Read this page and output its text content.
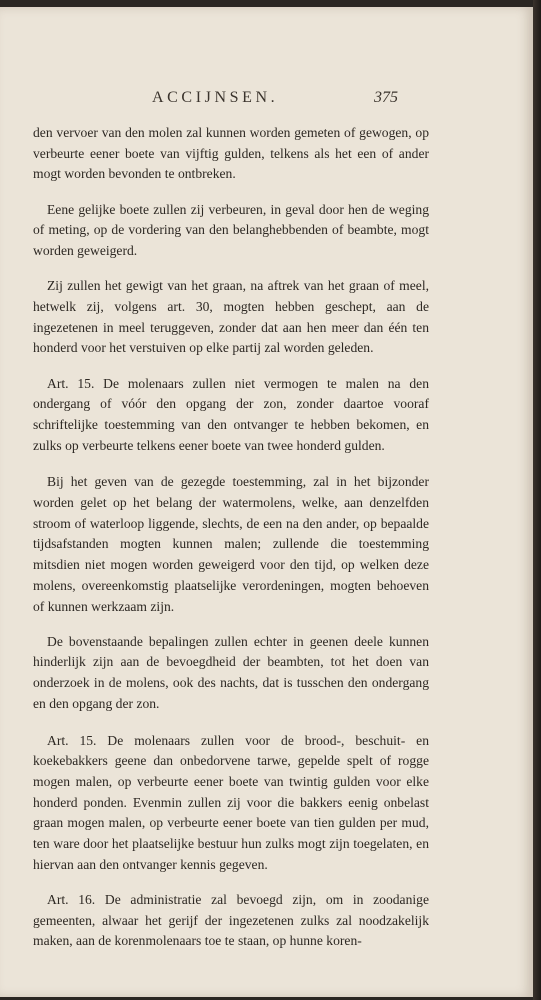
ACCIJNSEN.	375

den vervoer van den molen zal kunnen worden gemeten of gewogen, op verbeurte eener boete van vijftig gulden, telkens als het een of ander mogt worden bevonden te ontbreken.

Eene gelijke boete zullen zij verbeuren, in geval door hen de weging of meting, op de vordering van den belanghebbenden of beambte, mogt worden geweigerd.

Zij zullen het gewigt van het graan, na aftrek van het graan of meel, hetwelk zij, volgens art. 30, mogten hebben geschept, aan de ingezetenen in meel teruggeven, zonder dat aan hen meer dan één ten honderd voor het verstuiven op elke partij zal worden geleden.

Art. 15. De molenaars zullen niet vermogen te malen na den ondergang of vóór den opgang der zon, zonder daartoe vooraf schriftelijke toestemming van den ontvanger te hebben bekomen, en zulks op verbeurte telkens eener boete van twee honderd gulden.

Bij het geven van de gezegde toestemming, zal in het bijzonder worden gelet op het belang der watermolens, welke, aan denzelfden stroom of waterloop liggende, slechts, de een na den ander, op bepaalde tijdsafstanden mogten kunnen malen; zullende die toestemming mitsdien niet mogen worden geweigerd voor den tijd, op welken deze molens, overeenkomstig plaatselijke verordeningen, mogten behoeven of kunnen werkzaam zijn.

De bovenstaande bepalingen zullen echter in geenen deele kunnen hinderlijk zijn aan de bevoegdheid der beambten, tot het doen van onderzoek in de molens, ook des nachts, dat is tusschen den ondergang en den opgang der zon.

Art. 15. De molenaars zullen voor de brood-, beschuit- en koekebakkers geene dan onbedorvene tarwe, gepelde spelt of rogge mogen malen, op verbeurte eener boete van twintig gulden voor elke honderd ponden. Evenmin zullen zij voor die bakkers eenig onbelast graan mogen malen, op verbeurte eener boete van tien gulden per mud, ten ware door het plaatselijke bestuur hun zulks mogt zijn toegelaten, en hiervan aan den ontvanger kennis gegeven.

Art. 16. De administratie zal bevoegd zijn, om in zoodanige gemeenten, alwaar het gerijf der ingezetenen zulks zal noodzakelijk maken, aan de korenmolenaars toe te staan, op hunne koren-
